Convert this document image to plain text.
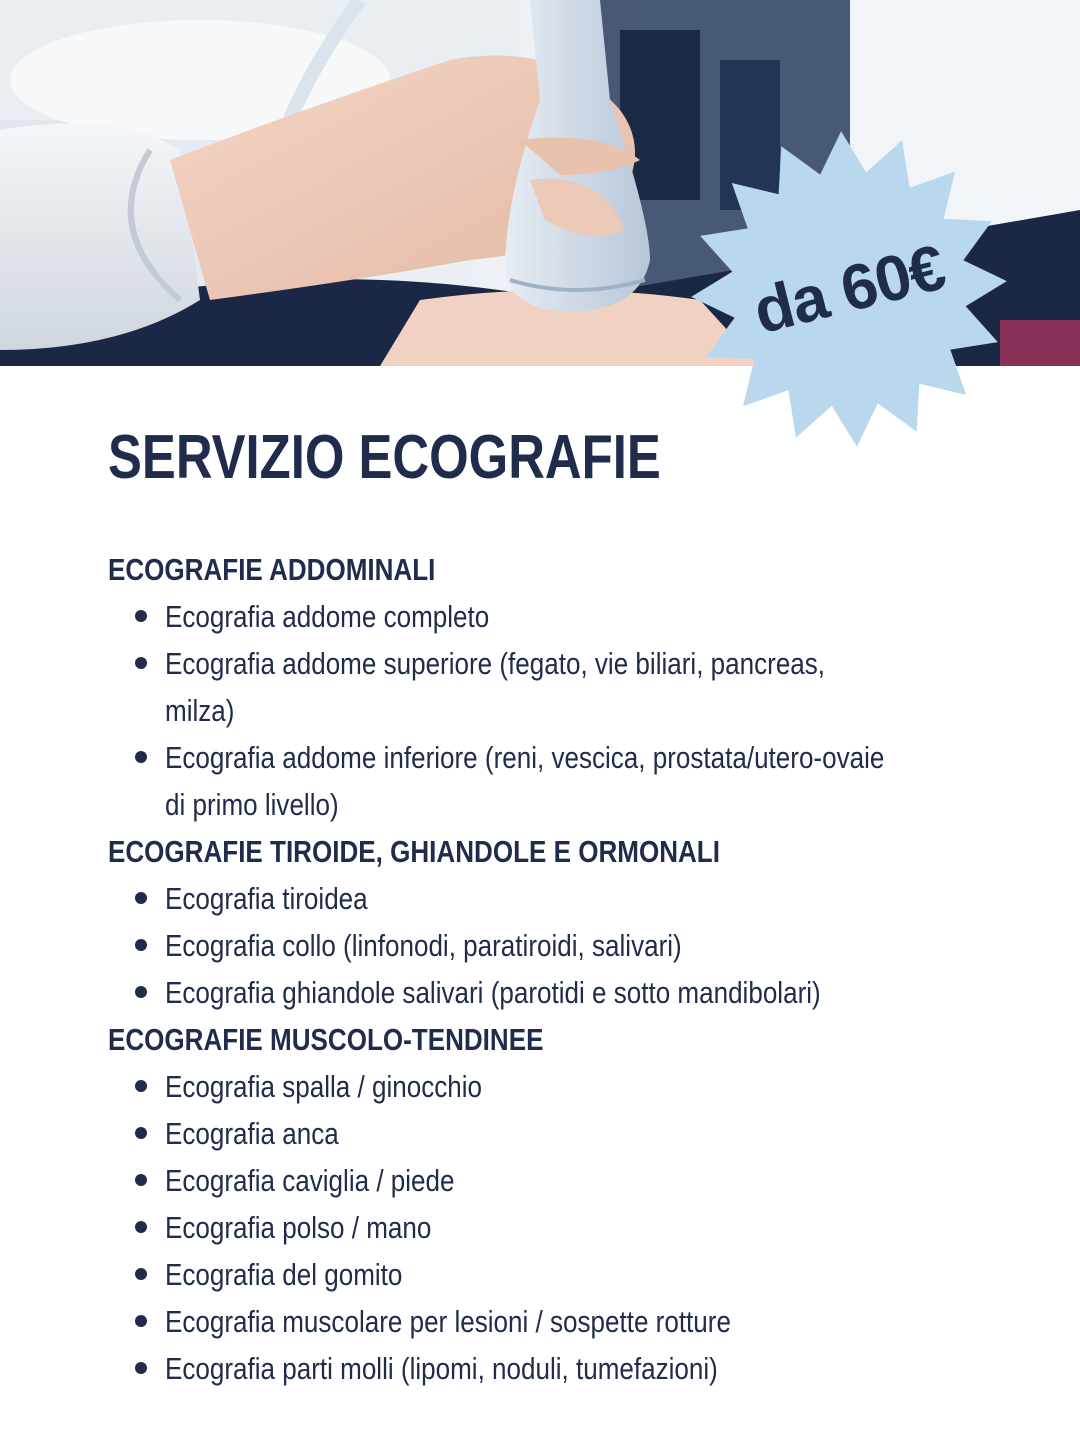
da 60€
SERVIZIO ECOGRAFIE
ECOGRAFIE ADDOMINALI
Ecografia addome completo
Ecografia addome superiore (fegato, vie biliari, pancreas, milza)
Ecografia addome inferiore (reni, vescica, prostata/utero-ovaie di primo livello)
ECOGRAFIE TIROIDE, GHIANDOLE E ORMONALI
Ecografia tiroidea
Ecografia collo (linfonodi, paratiroidi, salivari)
Ecografia ghiandole salivari (parotidi e sotto mandibolari)
ECOGRAFIE MUSCOLO-TENDINEE
Ecografia spalla / ginocchio
Ecografia anca
Ecografia caviglia / piede
Ecografia polso / mano
Ecografia del gomito
Ecografia muscolare per lesioni / sospette rotture
Ecografia parti molli (lipomi, noduli, tumefazioni)
